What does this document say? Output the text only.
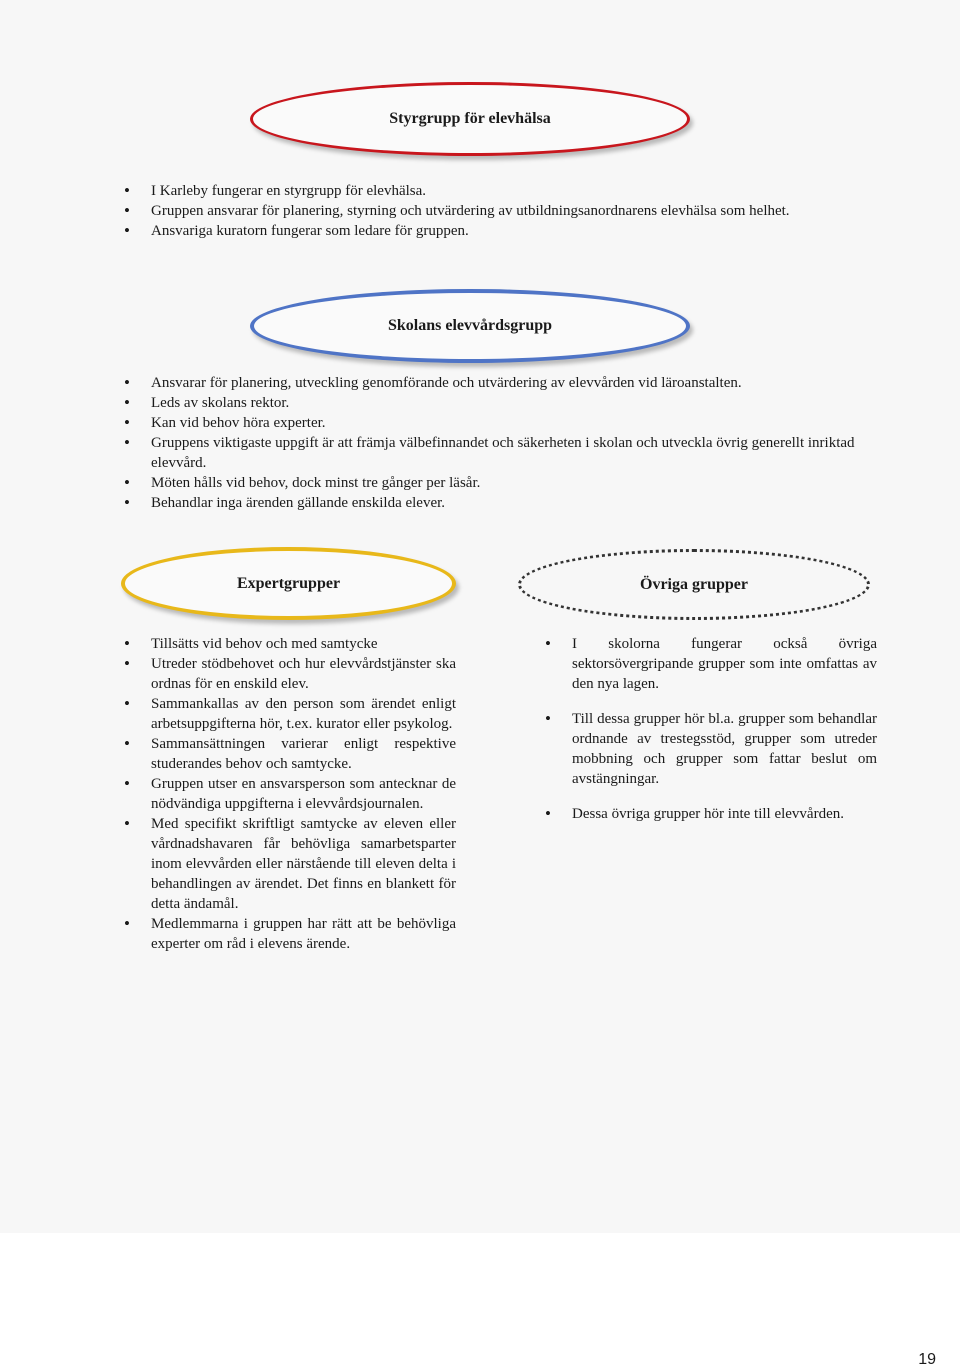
Styrgrupp för elevhälsa
• I Karleby fungerar en styrgrupp för elevhälsa.
• Gruppen ansvarar för planering, styrning och utvärdering av utbildningsanordnarens elevhälsa som helhet.
• Ansvariga kuratorn fungerar som ledare för gruppen.
Skolans elevvårdsgrupp
• Ansvarar för planering, utveckling genomförande och utvärdering av elevvården vid läroanstalten.
• Leds av skolans rektor.
• Kan vid behov höra experter.
• Gruppens viktigaste uppgift är att främja välbefinnandet och säkerheten i skolan och utveckla övrig generellt inriktad elevvård.
• Möten hålls vid behov, dock minst tre gånger per läsår.
• Behandlar inga ärenden gällande enskilda elever.
Expertgrupper
• Tillsätts vid behov och med samtycke
• Utreder stödbehovet och hur elevvårdstjänster ska ordnas för en enskild elev.
• Sammankallas av den person som ärendet enligt arbetsuppgifterna hör, t.ex. kurator eller psykolog.
• Sammansättningen varierar enligt respektive studerandes behov och samtycke.
• Gruppen utser en ansvarsperson som antecknar de nödvändiga uppgifterna i elevvårdsjournalen.
• Med specifikt skriftligt samtycke av eleven eller vårdnadshavaren får behövliga samarbetsparter inom elevvården eller närstående till eleven delta i behandlingen av ärendet. Det finns en blankett för detta ändamål.
• Medlemmarna i gruppen har rätt att be behövliga experter om råd i elevens ärende.
Övriga grupper
• I skolorna fungerar också övriga sektorsövergripande grupper som inte omfattas av den nya lagen.
• Till dessa grupper hör bl.a. grupper som behandlar ordnande av trestegsstöd, grupper som utreder mobbning och grupper som fattar beslut om avstängningar.
• Dessa övriga grupper hör inte till elevvården.
19
